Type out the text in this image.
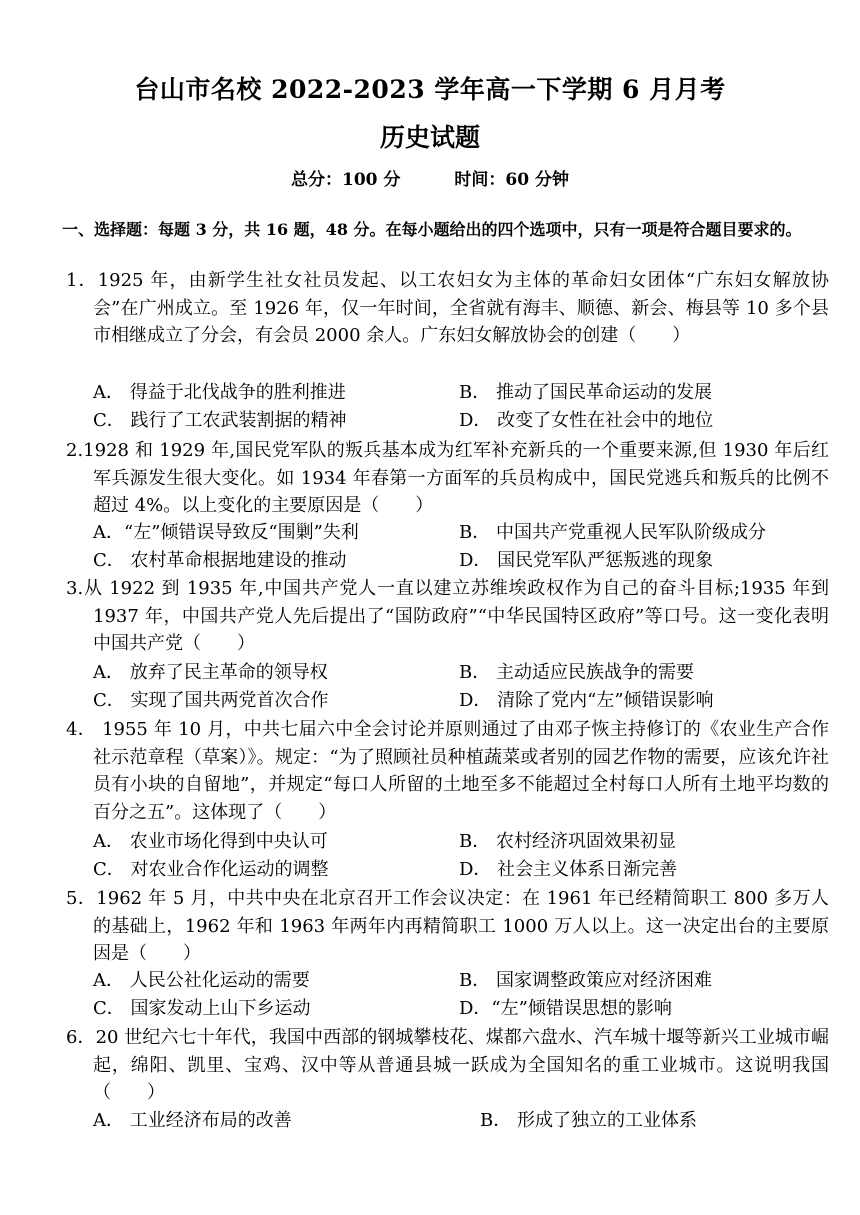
台山市名校 2022-2023 学年高一下学期 6 月月考
历史试题
总分：100 分	时间：60 分钟
一、选择题：每题 3 分，共 16 题，48 分。在每小题给出的四个选项中，只有一项是符合题目要求的。
1．1925 年，由新学生社女社员发起、以工农妇女为主体的革命妇女团体“广东妇女解放协会”在广州成立。至 1926 年，仅一年时间，全省就有海丰、顺德、新会、梅县等 10 多个县市相继成立了分会，有会员 2000 余人。广东妇女解放协会的创建（　　）
A． 得益于北伐战争的胜利推进	B． 推动了国民革命运动的发展
C． 践行了工农武装割据的精神	D． 改变了女性在社会中的地位
2.1928 和 1929 年,国民党军队的叛兵基本成为红军补充新兵的一个重要来源,但 1930 年后红军兵源发生很大变化。如 1934 年春第一方面军的兵员构成中，国民党逃兵和叛兵的比例不超过 4%。以上变化的主要原因是（　　）
A．“左”倾错误导致反“围剿”失利	B． 中国共产党重视人民军队阶级成分
C． 农村革命根据地建设的推动	D． 国民党军队严惩叛逃的现象
3.从 1922 到 1935 年,中国共产党人一直以建立苏维埃政权作为自己的奋斗目标;1935 年到 1937 年，中国共产党人先后提出了“国防政府”“中华民国特区政府”等口号。这一变化表明中国共产党（　　）
A． 放弃了民主革命的领导权	B． 主动适应民族战争的需要
C． 实现了国共两党首次合作	D． 清除了党内“左”倾错误影响
4． 1955 年 10 月，中共七届六中全会讨论并原则通过了由邓子恢主持修订的《农业生产合作社示范章程（草案）》。规定：“为了照顾社员种植蔬菜或者别的园艺作物的需要，应该允许社员有小块的自留地”，并规定“每口人所留的土地至多不能超过全村每口人所有土地平均数的百分之五”。这体现了（　　）
A． 农业市场化得到中央认可	B． 农村经济巩固效果初显
C． 对农业合作化运动的调整	D． 社会主义体系日渐完善
5．1962 年 5 月，中共中央在北京召开工作会议决定：在 1961 年已经精简职工 800 多万人的基础上，1962 年和 1963 年两年内再精简职工 1000 万人以上。这一决定出台的主要原因是（　　）
A． 人民公社化运动的需要	B． 国家调整政策应对经济困难
C． 国家发动上山下乡运动	D．“左”倾错误思想的影响
6．20 世纪六七十年代，我国中西部的钢城攀枝花、煤都六盘水、汽车城十堰等新兴工业城市崛起，绵阳、凯里、宝鸡、汉中等从普通县城一跃成为全国知名的重工业城市。这说明我国（　　）
A． 工业经济布局的改善	B． 形成了独立的工业体系
